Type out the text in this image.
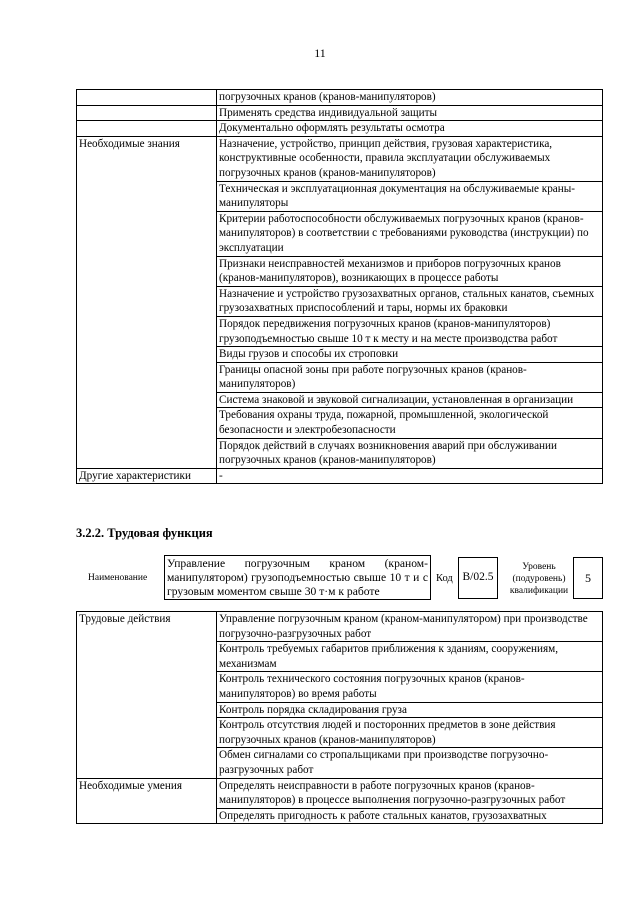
11
	погрузочных кранов (кранов-манипуляторов)
	Применять средства индивидуальной защиты
	Документально оформлять результаты осмотра
Необходимые знания	Назначение, устройство, принцип действия, грузовая характеристика, конструктивные особенности, правила эксплуатации обслуживаемых погрузочных кранов (кранов-манипуляторов)
	Техническая и эксплуатационная документация на обслуживаемые краны-манипуляторы
	Критерии работоспособности обслуживаемых погрузочных кранов (кранов-манипуляторов) в соответствии с требованиями руководства (инструкции) по эксплуатации
	Признаки неисправностей механизмов и приборов погрузочных кранов (кранов-манипуляторов), возникающих в процессе работы
	Назначение и устройство грузозахватных органов, стальных канатов, съемных грузозахватных приспособлений и тары, нормы их браковки
	Порядок передвижения погрузочных кранов (кранов-манипуляторов) грузоподъемностью свыше 10 т к месту и на месте производства работ
	Виды грузов и способы их строповки
	Границы опасной зоны при работе погрузочных кранов (кранов-манипуляторов)
	Система знаковой и звуковой сигнализации, установленная в организации
	Требования охраны труда, пожарной, промышленной, экологической безопасности и электробезопасности
	Порядок действий в случаях возникновения аварий при обслуживании погрузочных кранов (кранов-манипуляторов)
Другие характеристики	-
3.2.2. Трудовая функция
Наименование
Управление погрузочным краном (краном-манипулятором) грузоподъемностью свыше 10 т и с грузовым моментом свыше 30 т·м к работе
Код В/02.5
Уровень
(подуровень)
квалификации
5
Трудовые действия	Управление погрузочным краном (краном-манипулятором) при производстве погрузочно-разгрузочных работ
	Контроль требуемых габаритов приближения к зданиям, сооружениям, механизмам
	Контроль технического состояния погрузочных кранов (кранов-манипуляторов) во время работы
	Контроль порядка складирования груза
	Контроль отсутствия людей и посторонних предметов в зоне действия погрузочных кранов (кранов-манипуляторов)
	Обмен сигналами со стропальщиками при производстве погрузочно-разгрузочных работ
Необходимые умения	Определять неисправности в работе погрузочных кранов (кранов-манипуляторов) в процессе выполнения погрузочно-разгрузочных работ
	Определять пригодность к работе стальных канатов, грузозахватных
